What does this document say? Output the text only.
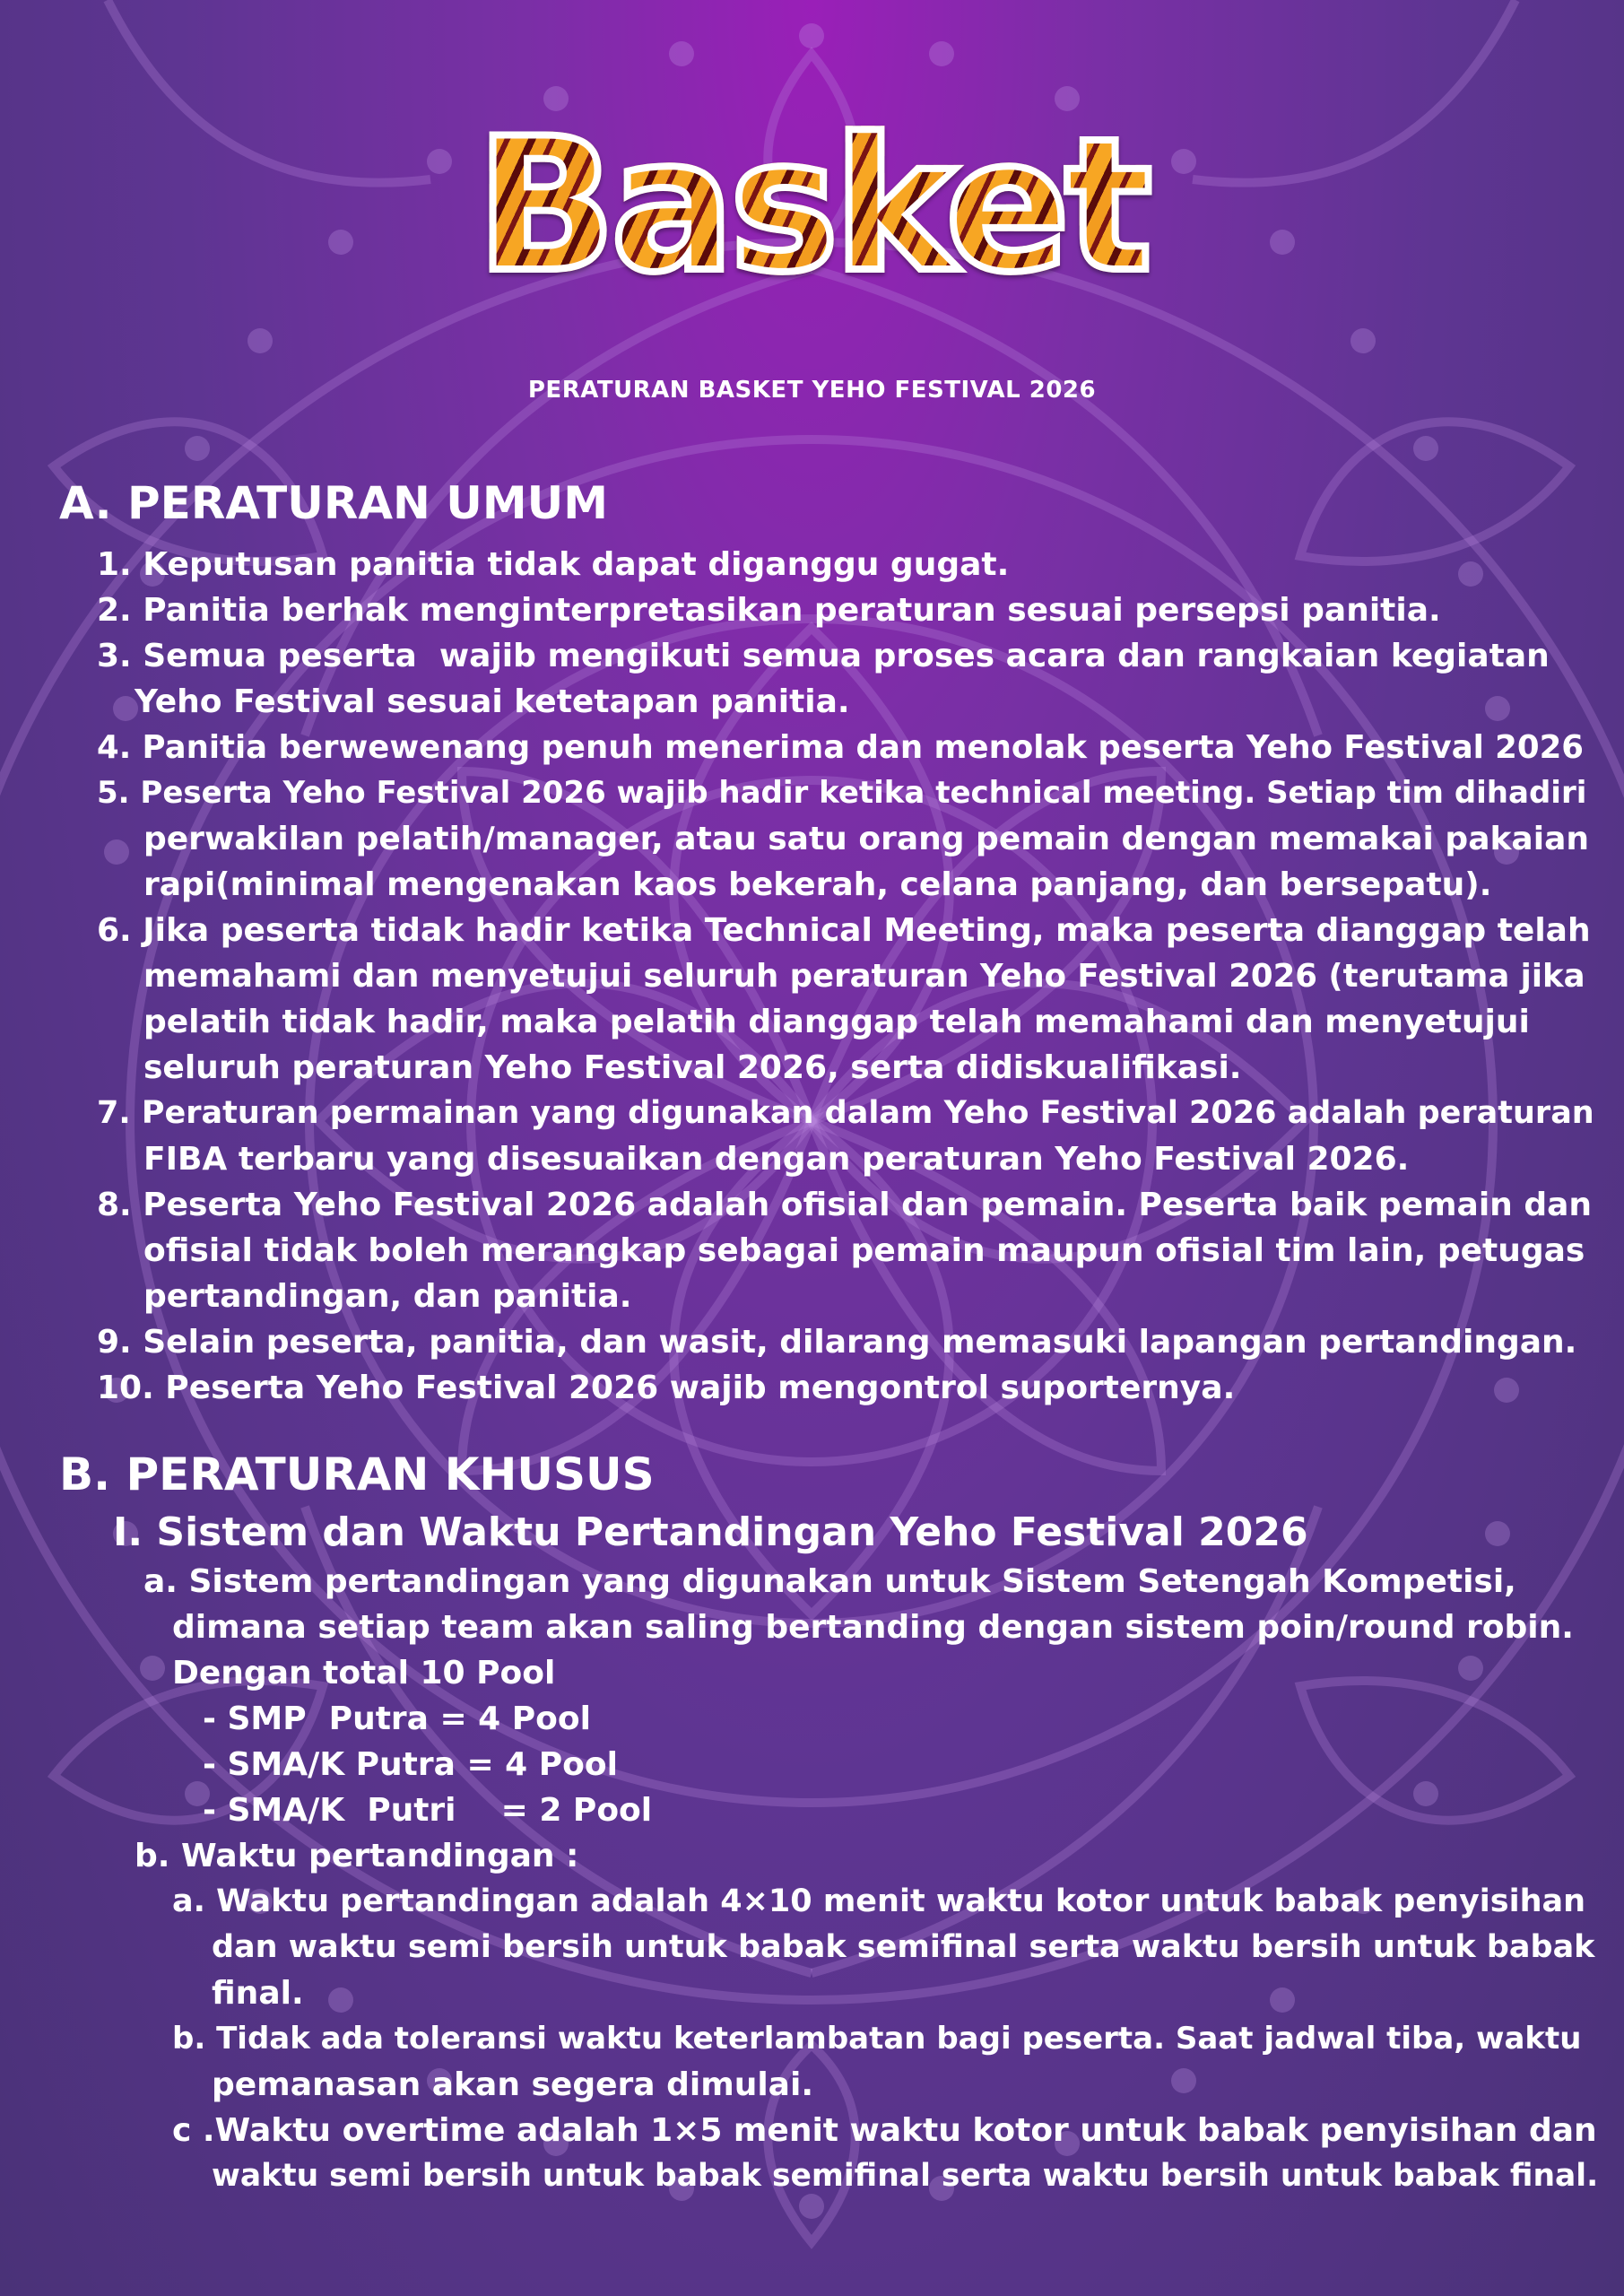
Basket
PERATURAN BASKET YEHO FESTIVAL 2026
A. PERATURAN UMUM
1. Keputusan panitia tidak dapat diganggu gugat.
2. Panitia berhak menginterpretasikan peraturan sesuai persepsi panitia.
3. Semua peserta  wajib mengikuti semua proses acara dan rangkaian kegiatan
Yeho Festival sesuai ketetapan panitia.
4. Panitia berwewenang penuh menerima dan menolak peserta Yeho Festival 2026
5. Peserta Yeho Festival 2026 wajib hadir ketika technical meeting. Setiap tim dihadiri
perwakilan pelatih/manager, atau satu orang pemain dengan memakai pakaian
rapi(minimal mengenakan kaos bekerah, celana panjang, dan bersepatu).
6. Jika peserta tidak hadir ketika Technical Meeting, maka peserta dianggap telah
memahami dan menyetujui seluruh peraturan Yeho Festival 2026 (terutama jika
pelatih tidak hadir, maka pelatih dianggap telah memahami dan menyetujui
seluruh peraturan Yeho Festival 2026, serta didiskualifikasi.
7. Peraturan permainan yang digunakan dalam Yeho Festival 2026 adalah peraturan
FIBA terbaru yang disesuaikan dengan peraturan Yeho Festival 2026.
8. Peserta Yeho Festival 2026 adalah ofisial dan pemain. Peserta baik pemain dan
ofisial tidak boleh merangkap sebagai pemain maupun ofisial tim lain, petugas
pertandingan, dan panitia.
9. Selain peserta, panitia, dan wasit, dilarang memasuki lapangan pertandingan.
10. Peserta Yeho Festival 2026 wajib mengontrol suporternya.
B. PERATURAN KHUSUS
I. Sistem dan Waktu Pertandingan Yeho Festival 2026
a. Sistem pertandingan yang digunakan untuk Sistem Setengah Kompetisi,
dimana setiap team akan saling bertanding dengan sistem poin/round robin.
Dengan total 10 Pool
- SMP  Putra = 4 Pool
- SMA/K Putra = 4 Pool
- SMA/K  Putri    = 2 Pool
b. Waktu pertandingan :
a. Waktu pertandingan adalah 4×10 menit waktu kotor untuk babak penyisihan
dan waktu semi bersih untuk babak semifinal serta waktu bersih untuk babak
final.
b. Tidak ada toleransi waktu keterlambatan bagi peserta. Saat jadwal tiba, waktu
pemanasan akan segera dimulai.
c .Waktu overtime adalah 1×5 menit waktu kotor untuk babak penyisihan dan
waktu semi bersih untuk babak semifinal serta waktu bersih untuk babak final.
